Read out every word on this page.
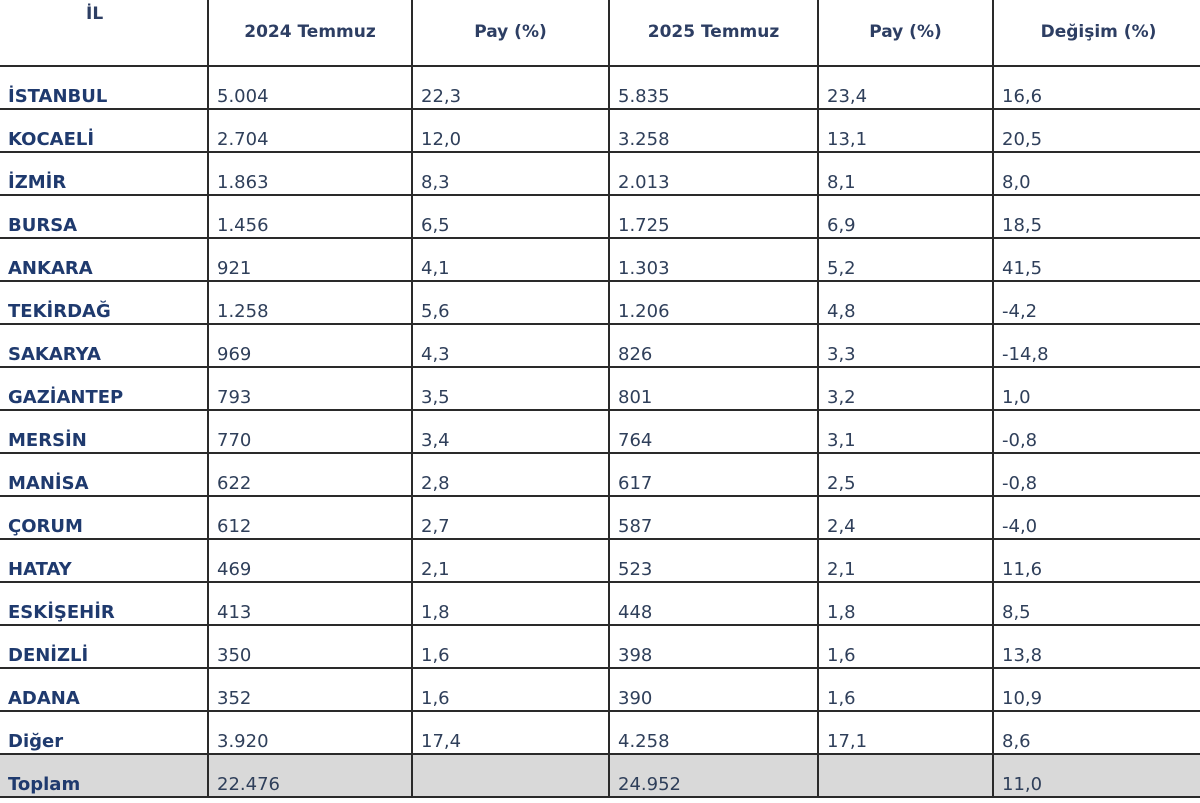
İL	2024 Temmuz	Pay (%)	2025 Temmuz	Pay (%)	Değişim (%)
İSTANBUL	5.004	22,3	5.835	23,4	16,6
KOCAELİ	2.704	12,0	3.258	13,1	20,5
İZMİR	1.863	8,3	2.013	8,1	8,0
BURSA	1.456	6,5	1.725	6,9	18,5
ANKARA	921	4,1	1.303	5,2	41,5
TEKİRDAĞ	1.258	5,6	1.206	4,8	-4,2
SAKARYA	969	4,3	826	3,3	-14,8
GAZİANTEP	793	3,5	801	3,2	1,0
MERSİN	770	3,4	764	3,1	-0,8
MANİSA	622	2,8	617	2,5	-0,8
ÇORUM	612	2,7	587	2,4	-4,0
HATAY	469	2,1	523	2,1	11,6
ESKİŞEHİR	413	1,8	448	1,8	8,5
DENİZLİ	350	1,6	398	1,6	13,8
ADANA	352	1,6	390	1,6	10,9
Diğer	3.920	17,4	4.258	17,1	8,6
Toplam	22.476		24.952		11,0
